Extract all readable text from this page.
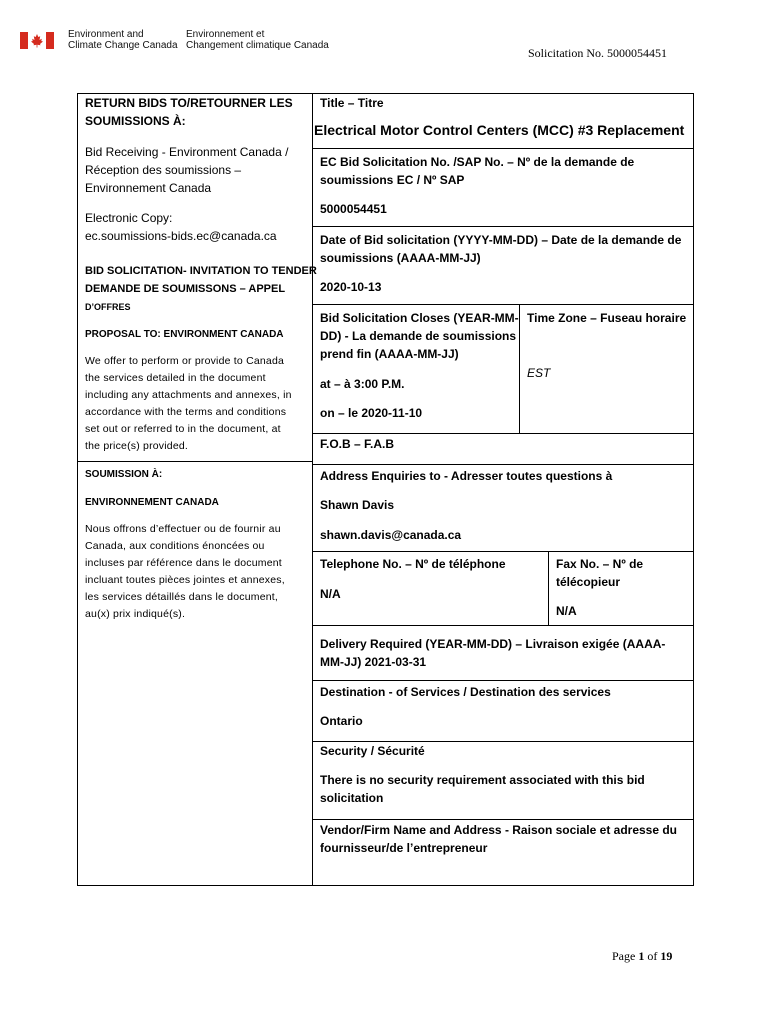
Environment and
Climate Change Canada
Environnement et
Changement climatique Canada
Solicitation No. 5000054451
RETURN BIDS TO/RETOURNER LES
SOUMISSIONS À:
Bid Receiving - Environment Canada /
Réception des soumissions –
Environnement Canada
Electronic Copy:
ec.soumissions-bids.ec@canada.ca
BID SOLICITATION- INVITATION TO TENDER
DEMANDE DE SOUMISSONS – APPEL
D’OFFRES
PROPOSAL TO: ENVIRONMENT CANADA
We offer to perform or provide to Canada
the services detailed in the document
including any attachments and annexes, in
accordance with the terms and conditions
set out or referred to in the document, at
the price(s) provided.
SOUMISSION À:
ENVIRONNEMENT CANADA
Nous offrons d’effectuer ou de fournir au
Canada, aux conditions énoncées ou
incluses par référence dans le document
incluant toutes pièces jointes et annexes,
les services détaillés dans le document,
au(x) prix indiqué(s).
Title – Titre
Electrical Motor Control Centers (MCC) #3 Replacement
EC Bid Solicitation No. /SAP No. – Nº de la demande de
soumissions EC / Nº SAP
5000054451
Date of Bid solicitation (YYYY-MM-DD) – Date de la demande de
soumissions (AAAA-MM-JJ)
2020-10-13
Bid Solicitation Closes (YEAR-MM-
DD) - La demande de soumissions
prend fin (AAAA-MM-JJ)
at – à 3:00 P.M.
on – le 2020-11-10
Time Zone – Fuseau horaire
EST
F.O.B – F.A.B
Address Enquiries to - Adresser toutes questions à
Shawn Davis
shawn.davis@canada.ca
Telephone No. – Nº de téléphone
N/A
Fax No. – Nº de
télécopieur
N/A
Delivery Required (YEAR-MM-DD) – Livraison exigée (AAAA-
MM-JJ) 2021-03-31
Destination - of Services / Destination des services
Ontario
Security / Sécurité
There is no security requirement associated with this bid
solicitation
Vendor/Firm Name and Address - Raison sociale et adresse du
fournisseur/de l’entrepreneur
Page 1 of 19
